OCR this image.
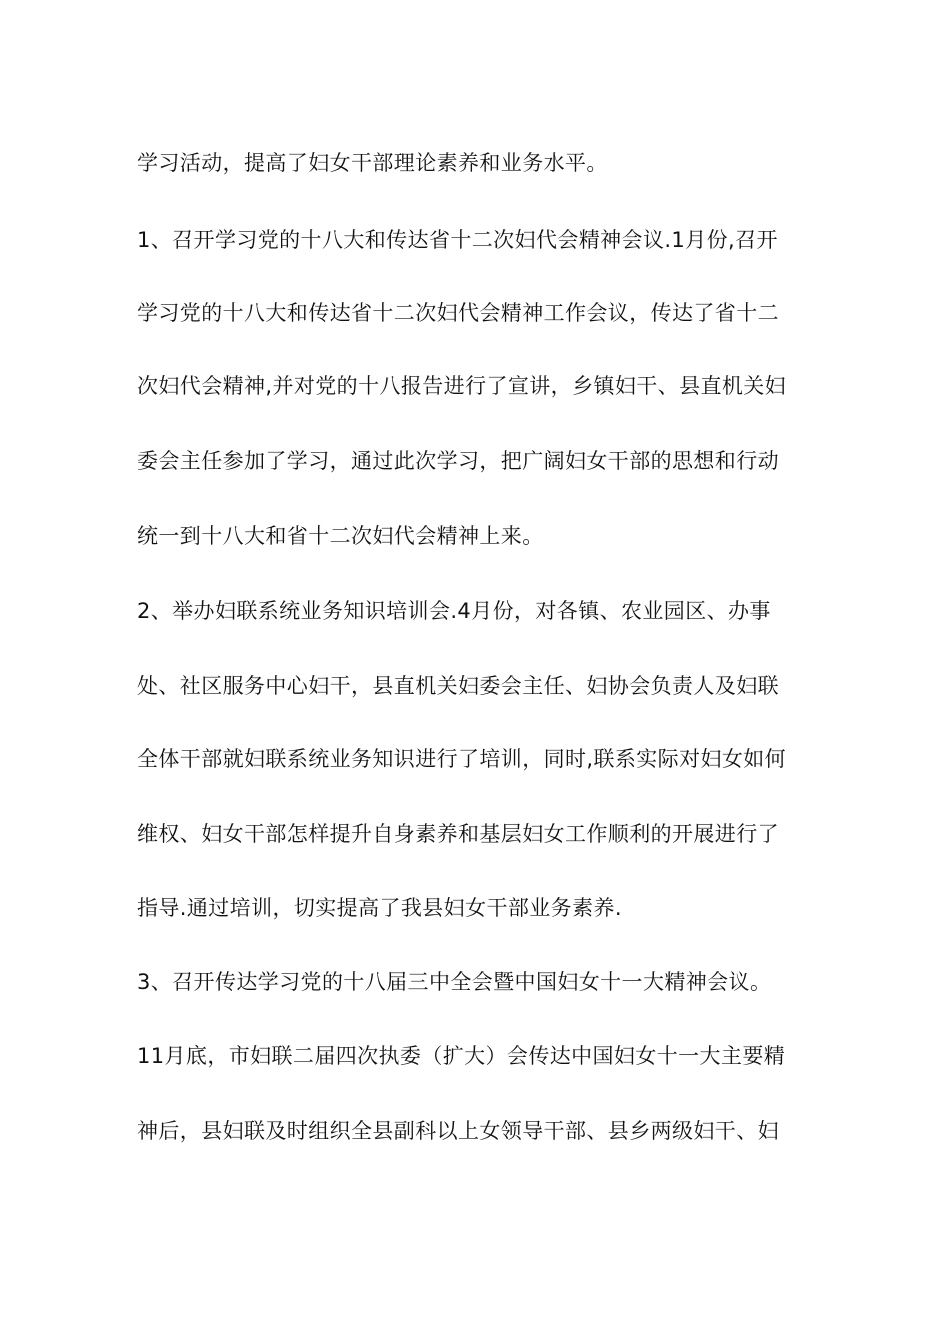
学习活动，提高了妇女干部理论素养和业务水平。
1、召开学习党的十八大和传达省十二次妇代会精神会议.1月份,召开
学习党的十八大和传达省十二次妇代会精神工作会议，传达了省十二
次妇代会精神,并对党的十八报告进行了宣讲，乡镇妇干、县直机关妇
委会主任参加了学习，通过此次学习，把广阔妇女干部的思想和行动
统一到十八大和省十二次妇代会精神上来。
2、举办妇联系统业务知识培训会.4月份，对各镇、农业园区、办事
处、社区服务中心妇干，县直机关妇委会主任、妇协会负责人及妇联
全体干部就妇联系统业务知识进行了培训，同时,联系实际对妇女如何
维权、妇女干部怎样提升自身素养和基层妇女工作顺利的开展进行了
指导.通过培训，切实提高了我县妇女干部业务素养.
3、召开传达学习党的十八届三中全会暨中国妇女十一大精神会议。
11月底，市妇联二届四次执委（扩大）会传达中国妇女十一大主要精
神后，县妇联及时组织全县副科以上女领导干部、县乡两级妇干、妇
